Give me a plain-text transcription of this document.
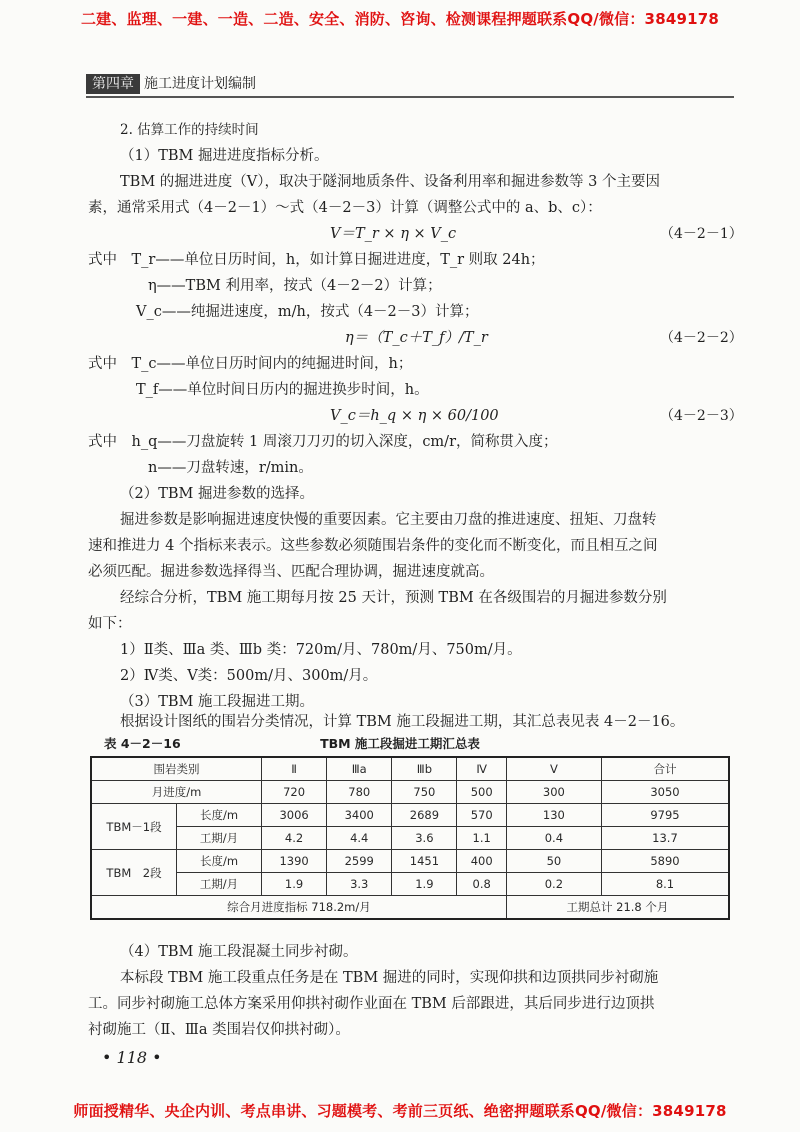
二建、监理、一建、一造、二造、安全、消防、咨询、检测课程押题联系QQ/微信：3849178
第四章 施工进度计划编制
2. 估算工作的持续时间
（1）TBM 掘进进度指标分析。
TBM 的掘进进度（V），取决于隧洞地质条件、设备利用率和掘进参数等 3 个主要因
素，通常采用式（4－2－1）～式（4－2－3）计算（调整公式中的 a、b、c）：
V＝T_r × η × V_c	（4－2－1）
式中　T_r——单位日历时间，h，如计算日掘进进度，T_r 则取 24h；
η——TBM 利用率，按式（4－2－2）计算；
V_c——纯掘进速度，m/h，按式（4－2－3）计算；
η＝（T_c＋T_f）/T_r	（4－2－2）
式中　T_c——单位日历时间内的纯掘进时间，h；
T_f——单位时间日历内的掘进换步时间，h。
V_c＝h_q × η × 60/100	（4－2－3）
式中　h_q——刀盘旋转 1 周滚刀刀刃的切入深度，cm/r，简称贯入度；
n——刀盘转速，r/min。
（2）TBM 掘进参数的选择。
掘进参数是影响掘进速度快慢的重要因素。它主要由刀盘的推进速度、扭矩、刀盘转
速和推进力 4 个指标来表示。这些参数必须随围岩条件的变化而不断变化，而且相互之间
必须匹配。掘进参数选择得当、匹配合理协调，掘进速度就高。
经综合分析，TBM 施工期每月按 25 天计，预测 TBM 在各级围岩的月掘进参数分别
如下：
1）Ⅱ类、Ⅲa 类、Ⅲb 类：720m/月、780m/月、750m/月。
2）Ⅳ类、Ⅴ类：500m/月、300m/月。
（3）TBM 施工段掘进工期。
根据设计图纸的围岩分类情况，计算 TBM 施工段掘进工期，其汇总表见表 4－2－16。
表 4－2－16	TBM 施工段掘进工期汇总表
围岩类别		Ⅱ	Ⅲa	Ⅲb	Ⅳ	Ⅴ	合计
月进度/m		720	780	750	500	300	3050
TBM－1段	长度/m	3006	3400	2689	570	130	9795
	工期/月	4.2	4.4	3.6	1.1	0.4	13.7
TBM　2段	长度/m	1390	2599	1451	400	50	5890
	工期/月	1.9	3.3	1.9	0.8	0.2	8.1
综合月进度指标 718.2m/月						工期总计 21.8 个月	
（4）TBM 施工段混凝土同步衬砌。
本标段 TBM 施工段重点任务是在 TBM 掘进的同时，实现仰拱和边顶拱同步衬砌施
工。同步衬砌施工总体方案采用仰拱衬砌作业面在 TBM 后部跟进，其后同步进行边顶拱
衬砌施工（Ⅱ、Ⅲa 类围岩仅仰拱衬砌）。
• 118 •
师面授精华、央企内训、考点串讲、习题模考、考前三页纸、绝密押题联系QQ/微信：3849178
